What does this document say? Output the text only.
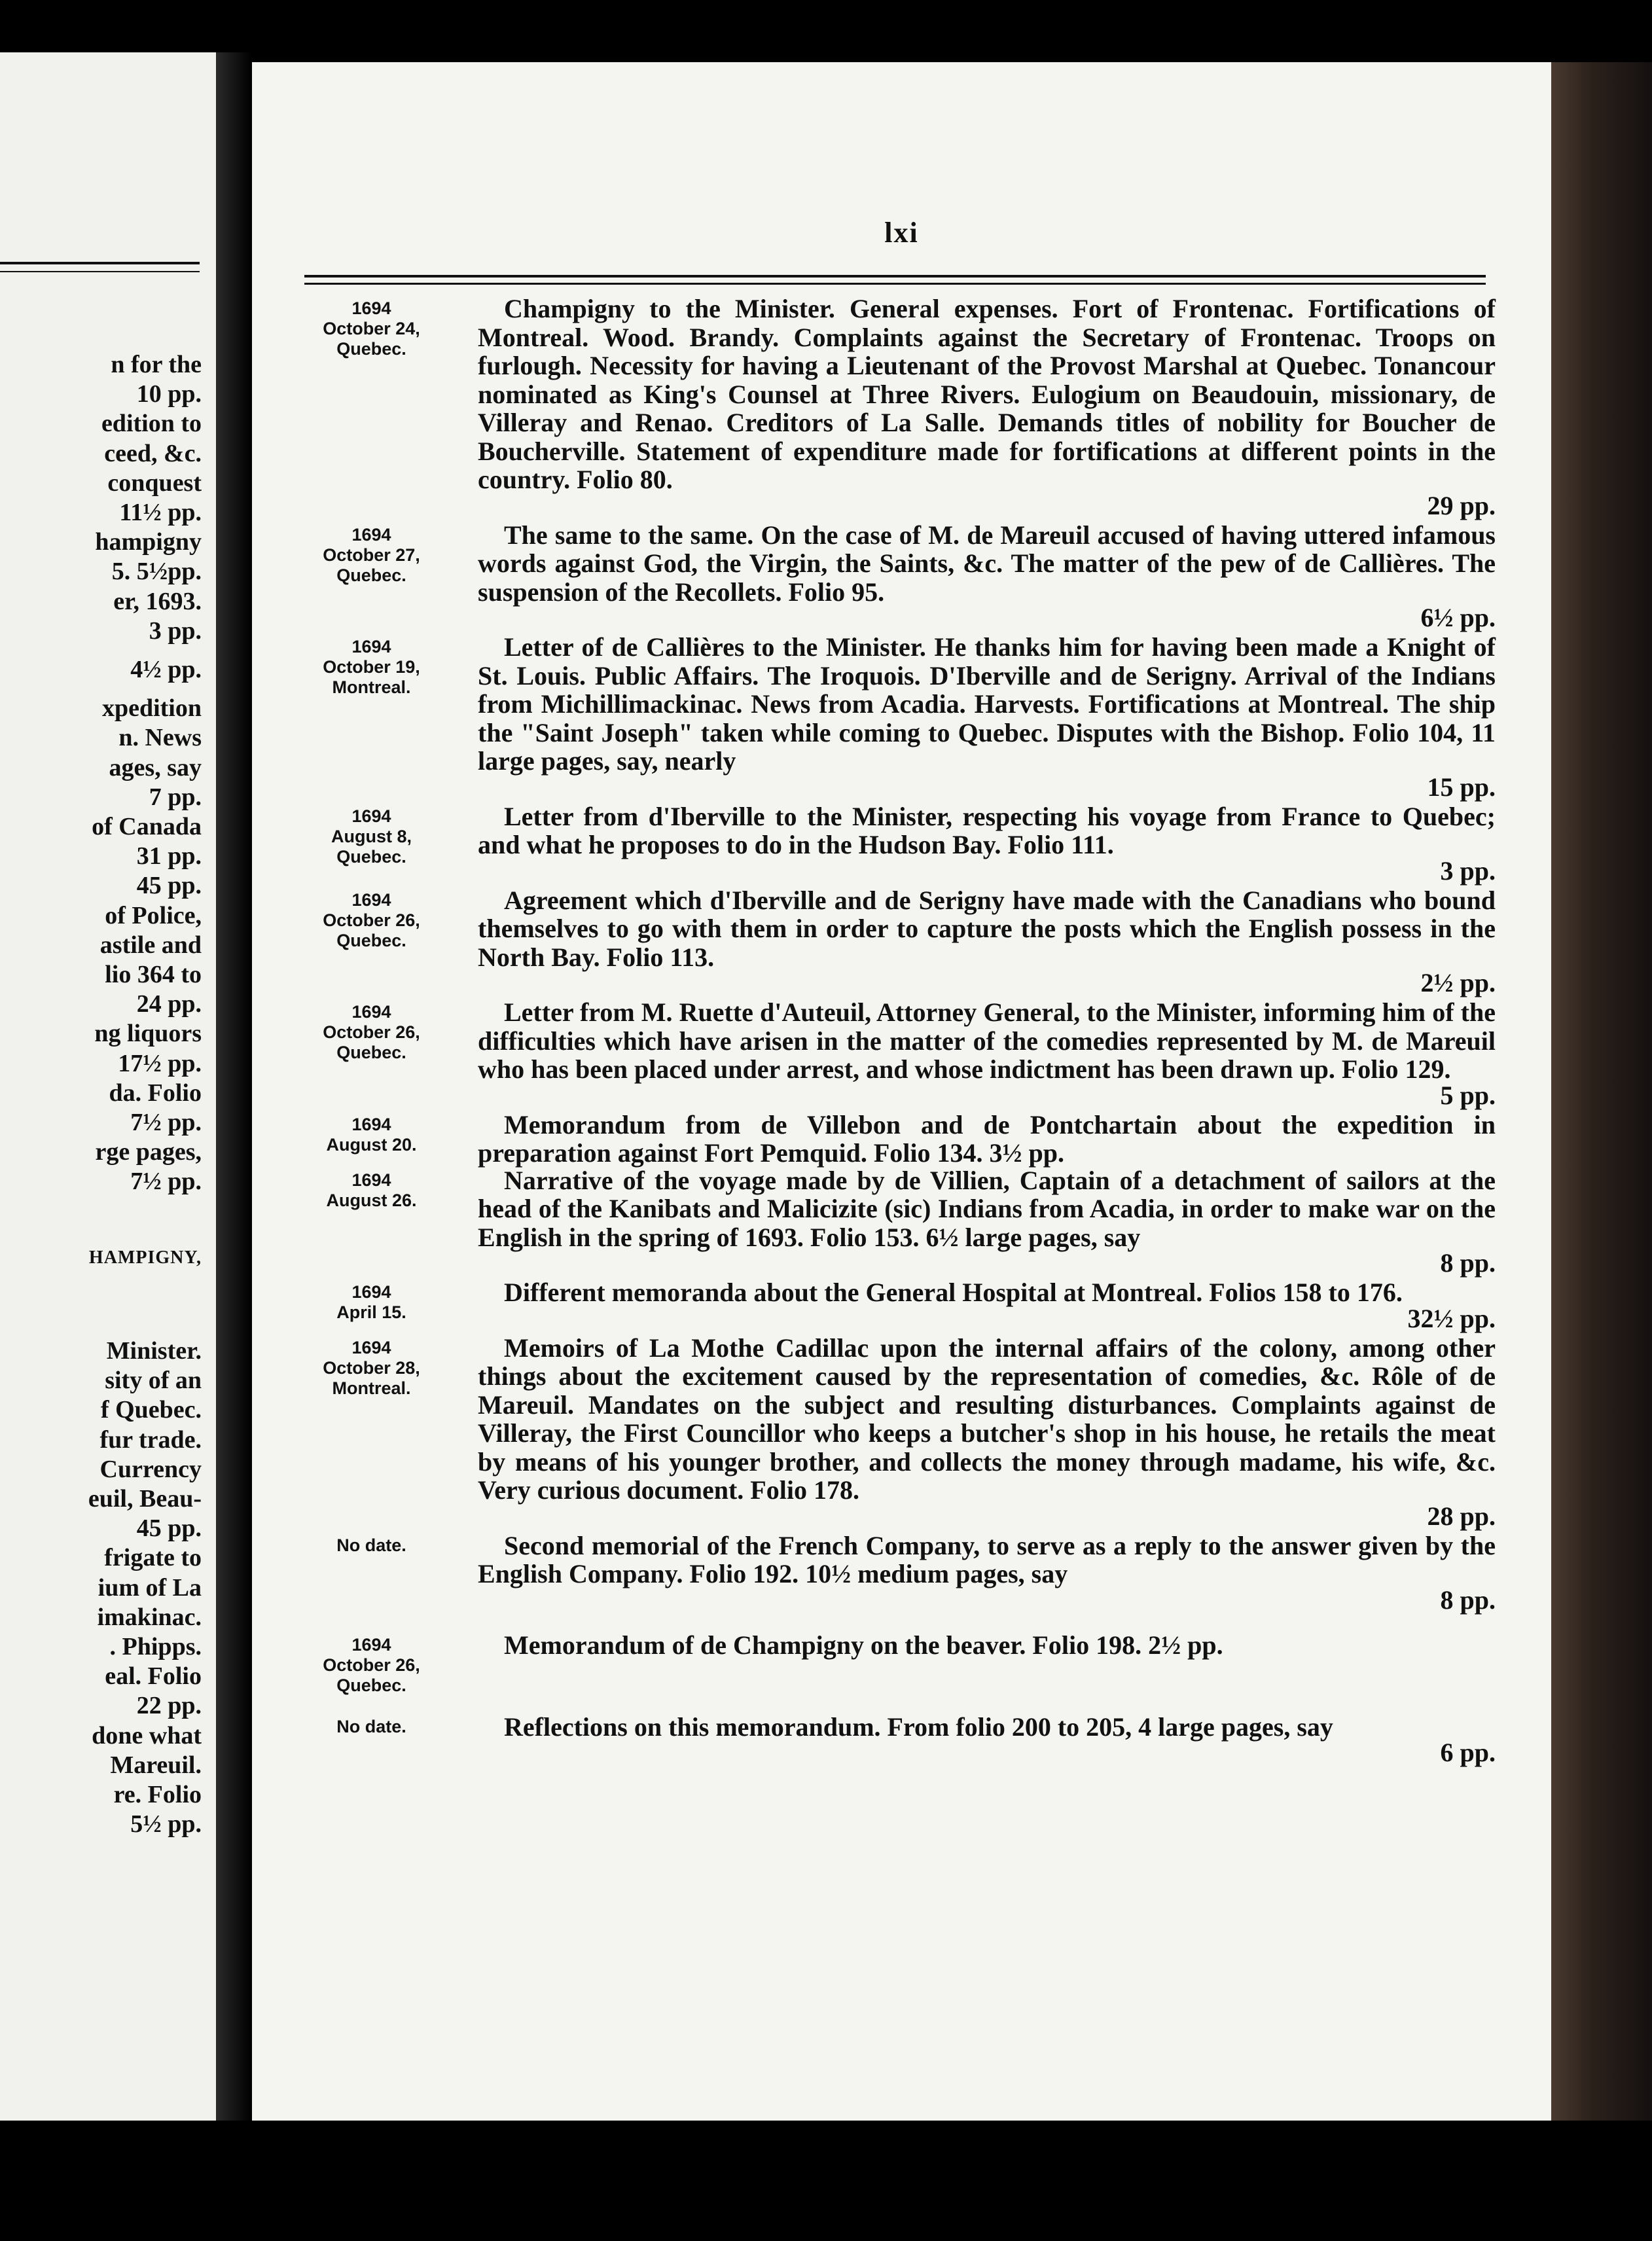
n for the
10 pp.
edition to
ceed, &c.
conquest
11½ pp.
hampigny
5. 5½pp.
er, 1693.
3 pp.
4½ pp.
xpedition
n. News
ages, say
7 pp.
of Canada
31 pp.
45 pp.
of Police,
astile and
lio 364 to
24 pp.
ng liquors
17½ pp.
da. Folio
7½ pp.
rge pages,
7½ pp.
HAMPIGNY,
Minister.
sity of an
f Quebec.
fur trade.
Currency
euil, Beau-
45 pp.
frigate to
ium of La
imakinac.
. Phipps.
eal. Folio
22 pp.
done what
Mareuil.
re. Folio
5½ pp.
lxi
1694
October 24,
Quebec.

Champigny to the Minister. General expenses. Fort of Frontenac. Fortifications of Montreal. Wood. Brandy. Complaints against the Secretary of Frontenac. Troops on furlough. Necessity for having a Lieutenant of the Provost Marshal at Quebec. Tonancour nominated as King's Counsel at Three Rivers. Eulogium on Beaudouin, missionary, de Villeray and Renao. Creditors of La Salle. Demands titles of nobility for Boucher de Boucherville. Statement of expenditure made for fortifications at different points in the country. Folio 80.

29 pp.
1694
October 27,
Quebec.

The same to the same. On the case of M. de Mareuil accused of having uttered infamous words against God, the Virgin, the Saints, &c. The matter of the pew of de Callières. The suspension of the Recollets. Folio 95.

6½ pp.
1694
October 19,
Montreal.

Letter of de Callières to the Minister. He thanks him for having been made a Knight of St. Louis. Public Affairs. The Iroquois. D'Iberville and de Serigny. Arrival of the Indians from Michillimackinac. News from Acadia. Harvests. Fortifications at Montreal. The ship the "Saint Joseph" taken while coming to Quebec. Disputes with the Bishop. Folio 104, 11 large pages, say, nearly

15 pp.
1694
August 8,
Quebec.

Letter from d'Iberville to the Minister, respecting his voyage from France to Quebec; and what he proposes to do in the Hudson Bay. Folio 111.

3 pp.
1694
October 26,
Quebec.

Agreement which d'Iberville and de Serigny have made with the Canadians who bound themselves to go with them in order to capture the posts which the English possess in the North Bay. Folio 113.

2½ pp.
1694
October 26,
Quebec.

Letter from M. Ruette d'Auteuil, Attorney General, to the Minister, informing him of the difficulties which have arisen in the matter of the comedies represented by M. de Mareuil who has been placed under arrest, and whose indictment has been drawn up. Folio 129.

5 pp.
1694
August 20.

Memorandum from de Villebon and de Pontchartain about the expedition in preparation against Fort Pemquid. Folio 134. 3½ pp.

1694
August 26.

Narrative of the voyage made by de Villien, Captain of a detachment of sailors at the head of the Kanibats and Malicizite (sic) Indians from Acadia, in order to make war on the English in the spring of 1693. Folio 153. 6½ large pages, say

8 pp.
1694
April 15.

Different memoranda about the General Hospital at Montreal. Folios 158 to 176.

32½ pp.
1694
October 28,
Montreal.

Memoirs of La Mothe Cadillac upon the internal affairs of the colony, among other things about the excitement caused by the representation of comedies, &c. Rôle of de Mareuil. Mandates on the subject and resulting disturbances. Complaints against de Villeray, the First Councillor who keeps a butcher's shop in his house, he retails the meat by means of his younger brother, and collects the money through madame, his wife, &c. Very curious document. Folio 178.

28 pp.
No date.	Second memorial of the French Company, to serve as a reply to the answer given by the English Company. Folio 192. 10½ medium pages, say

8 pp.
1694
October 26,
Quebec.

Memorandum of de Champigny on the beaver. Folio 198. 2½ pp.

No date.	Reflections on this memorandum. From folio 200 to 205, 4 large pages, say

6 pp.
